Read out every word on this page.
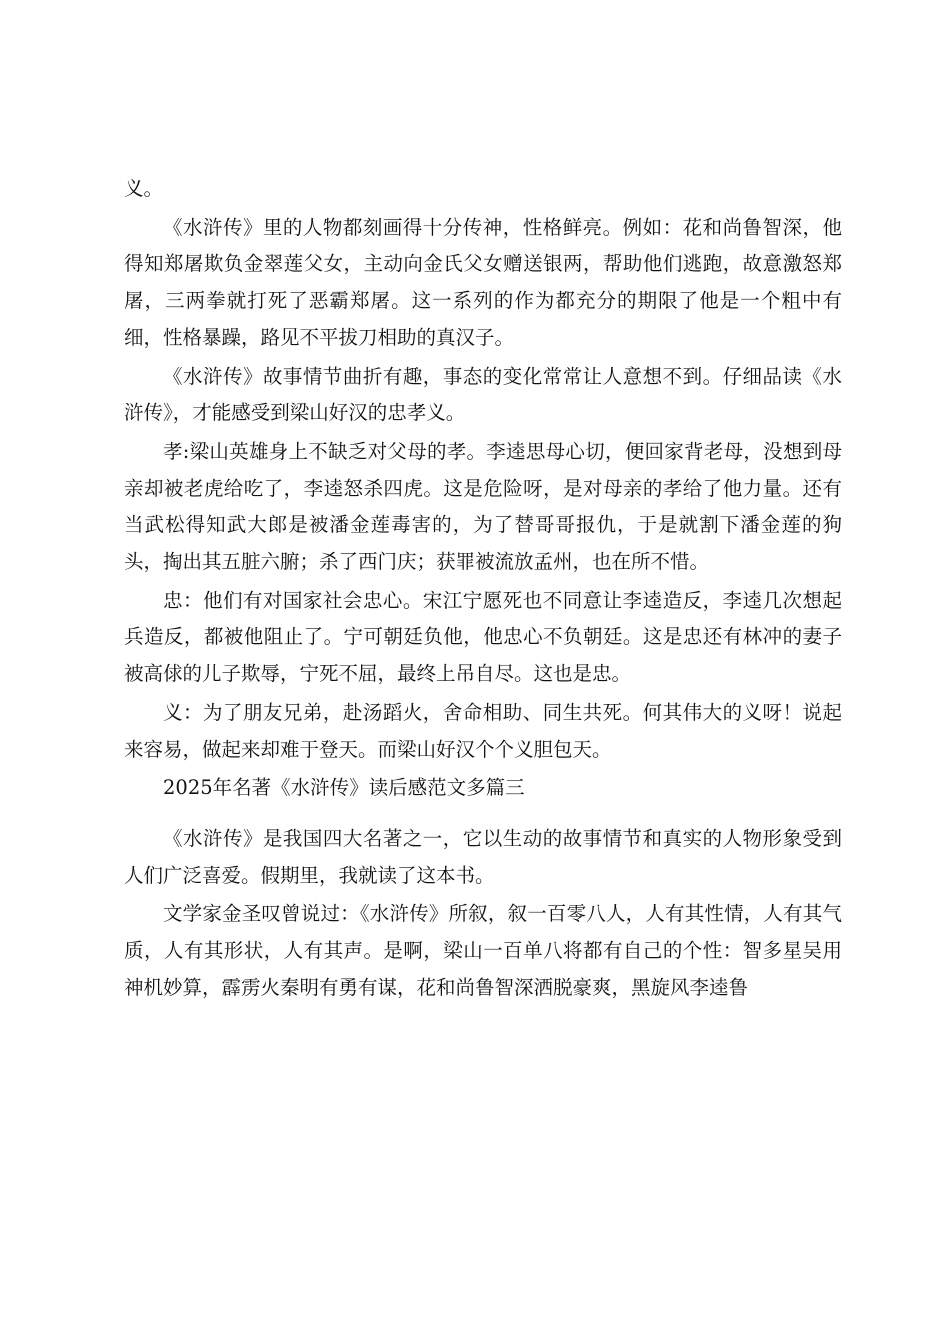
义。

《水浒传》里的人物都刻画得十分传神，性格鲜亮。例如：花和尚鲁智深，他得知郑屠欺负金翠莲父女，主动向金氏父女赠送银两，帮助他们逃跑，故意激怒郑屠，三两拳就打死了恶霸郑屠。这一系列的作为都充分的期限了他是一个粗中有细，性格暴躁，路见不平拔刀相助的真汉子。

《水浒传》故事情节曲折有趣，事态的变化常常让人意想不到。仔细品读《水浒传》，才能感受到梁山好汉的忠孝义。

孝:梁山英雄身上不缺乏对父母的孝。李逵思母心切，便回家背老母，没想到母亲却被老虎给吃了，李逵怒杀四虎。这是危险呀，是对母亲的孝给了他力量。还有当武松得知武大郎是被潘金莲毒害的，为了替哥哥报仇，于是就割下潘金莲的狗头，掏出其五脏六腑；杀了西门庆；获罪被流放孟州，也在所不惜。

忠：他们有对国家社会忠心。宋江宁愿死也不同意让李逵造反，李逵几次想起兵造反，都被他阻止了。宁可朝廷负他，他忠心不负朝廷。这是忠还有林冲的妻子被高俅的儿子欺辱，宁死不屈，最终上吊自尽。这也是忠。

义：为了朋友兄弟，赴汤蹈火，舍命相助、同生共死。何其伟大的义呀！说起来容易，做起来却难于登天。而梁山好汉个个义胆包天。

2025年名著《水浒传》读后感范文多篇三

《水浒传》是我国四大名著之一，它以生动的故事情节和真实的人物形象受到人们广泛喜爱。假期里，我就读了这本书。

文学家金圣叹曾说过：《水浒传》所叙，叙一百零八人，人有其性情，人有其气质，人有其形状，人有其声。是啊，梁山一百单八将都有自己的个性：智多星吴用神机妙算，霹雳火秦明有勇有谋，花和尚鲁智深洒脱豪爽，黑旋风李逵鲁
